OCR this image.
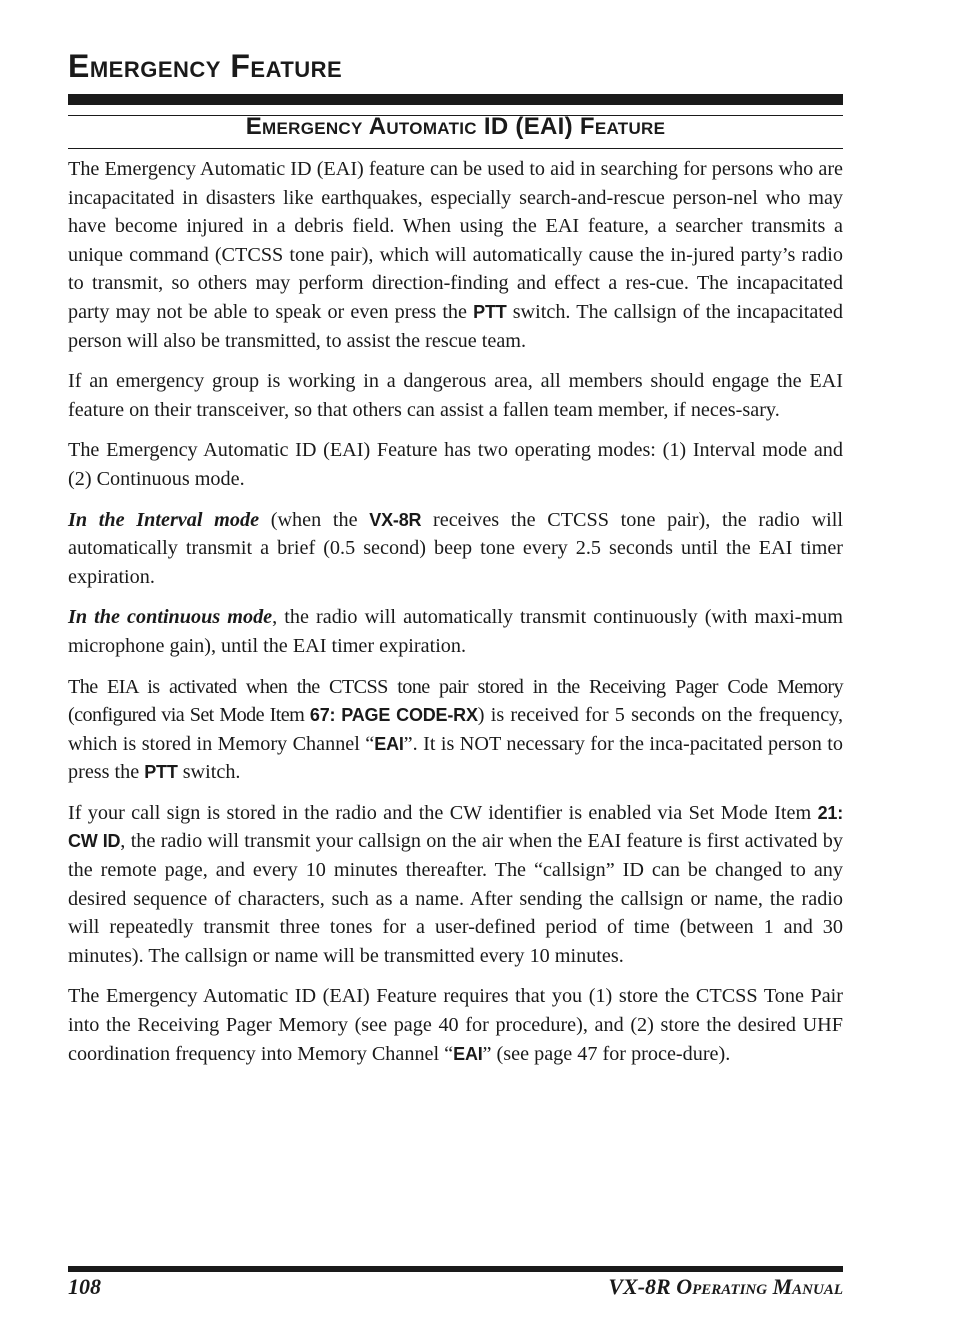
Emergency Feature
Emergency Automatic ID (EAI) Feature

The Emergency Automatic ID (EAI) feature can be used to aid in searching for persons who are incapacitated in disasters like earthquakes, especially search-and-rescue person-nel who may have become injured in a debris field. When using the EAI feature, a searcher transmits a unique command (CTCSS tone pair), which will automatically cause the in-jured party’s radio to transmit, so others may perform direction-finding and effect a res-cue. The incapacitated party may not be able to speak or even press the PTT switch. The callsign of the incapacitated person will also be transmitted, to assist the rescue team.

If an emergency group is working in a dangerous area, all members should engage the EAI feature on their transceiver, so that others can assist a fallen team member, if neces-sary.

The Emergency Automatic ID (EAI) Feature has two operating modes: (1) Interval mode and (2) Continuous mode.

In the Interval mode (when the VX-8R receives the CTCSS tone pair), the radio will automatically transmit a brief (0.5 second) beep tone every 2.5 seconds until the EAI timer expiration.

In the continuous mode, the radio will automatically transmit continuously (with maxi-mum microphone gain), until the EAI timer expiration.

The EIA is activated when the CTCSS tone pair stored in the Receiving Pager Code Memory (configured via Set Mode Item 67: PAGE CODE-RX) is received for 5 seconds on the frequency, which is stored in Memory Channel “EAI”. It is NOT necessary for the inca-pacitated person to press the PTT switch.

If your call sign is stored in the radio and the CW identifier is enabled via Set Mode Item 21: CW ID, the radio will transmit your callsign on the air when the EAI feature is first activated by the remote page, and every 10 minutes thereafter. The “callsign” ID can be changed to any desired sequence of characters, such as a name. After sending the callsign or name, the radio will repeatedly transmit three tones for a user-defined period of time (between 1 and 30 minutes). The callsign or name will be transmitted every 10 minutes.

The Emergency Automatic ID (EAI) Feature requires that you (1) store the CTCSS Tone Pair into the Receiving Pager Memory (see page 40 for procedure), and (2) store the desired UHF coordination frequency into Memory Channel “EAI” (see page 47 for proce-dure).

108	VX-8R Operating Manual
